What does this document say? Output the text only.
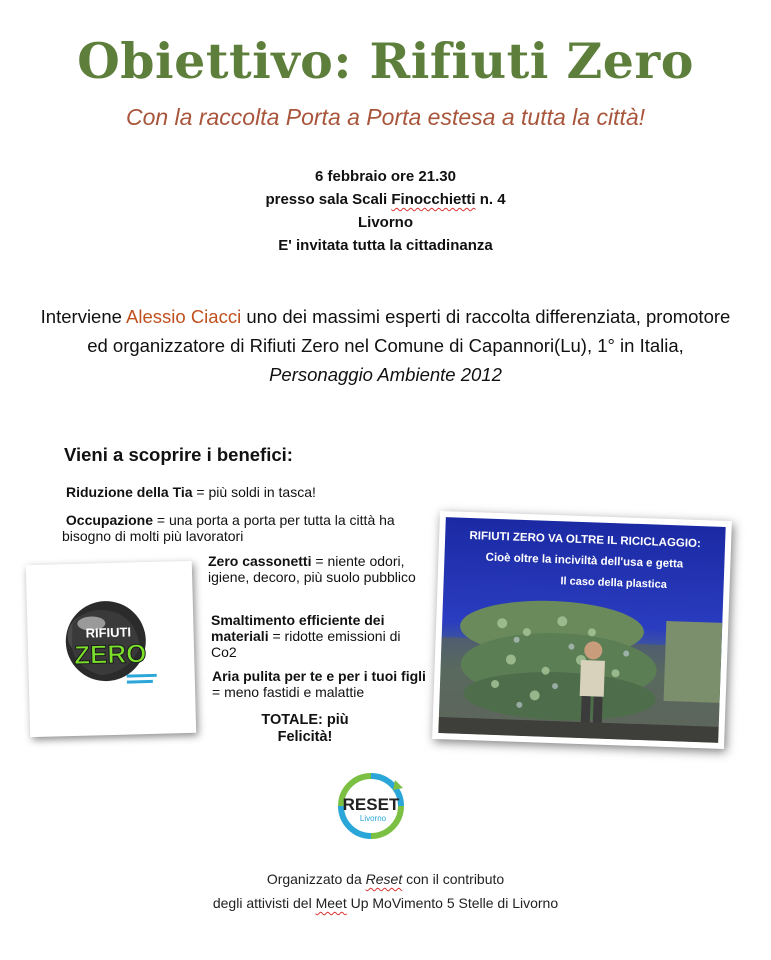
Obiettivo: Rifiuti Zero
Con la raccolta Porta a Porta estesa a tutta la città!
6 febbraio ore 21.30
presso sala Scali Finocchietti n. 4
Livorno
E' invitata tutta la cittadinanza
Interviene Alessio Ciacci uno dei massimi esperti di raccolta differenziata, promotore ed organizzatore di Rifiuti Zero nel Comune di Capannori(Lu), 1° in Italia, Personaggio Ambiente 2012
Vieni a scoprire i benefici:
Riduzione della Tia = più soldi in tasca!
Occupazione = una porta a porta per tutta la città ha bisogno di molti più lavoratori
Zero cassonetti = niente odori, igiene, decoro, più suolo pubblico
Smaltimento efficiente dei materiali = ridotte emissioni di Co2
Aria pulita per te e per i tuoi figli = meno fastidi e malattie
TOTALE: più Felicità!
RIFIUTI
ZERO
RIFIUTI ZERO VA OLTRE IL RICICLAGGIO:
Cioè oltre la inciviltà dell'usa e getta
Il caso della plastica
RESET
Livorno
Organizzato da Reset con il contributo
degli attivisti del Meet Up MoVimento 5 Stelle di Livorno
